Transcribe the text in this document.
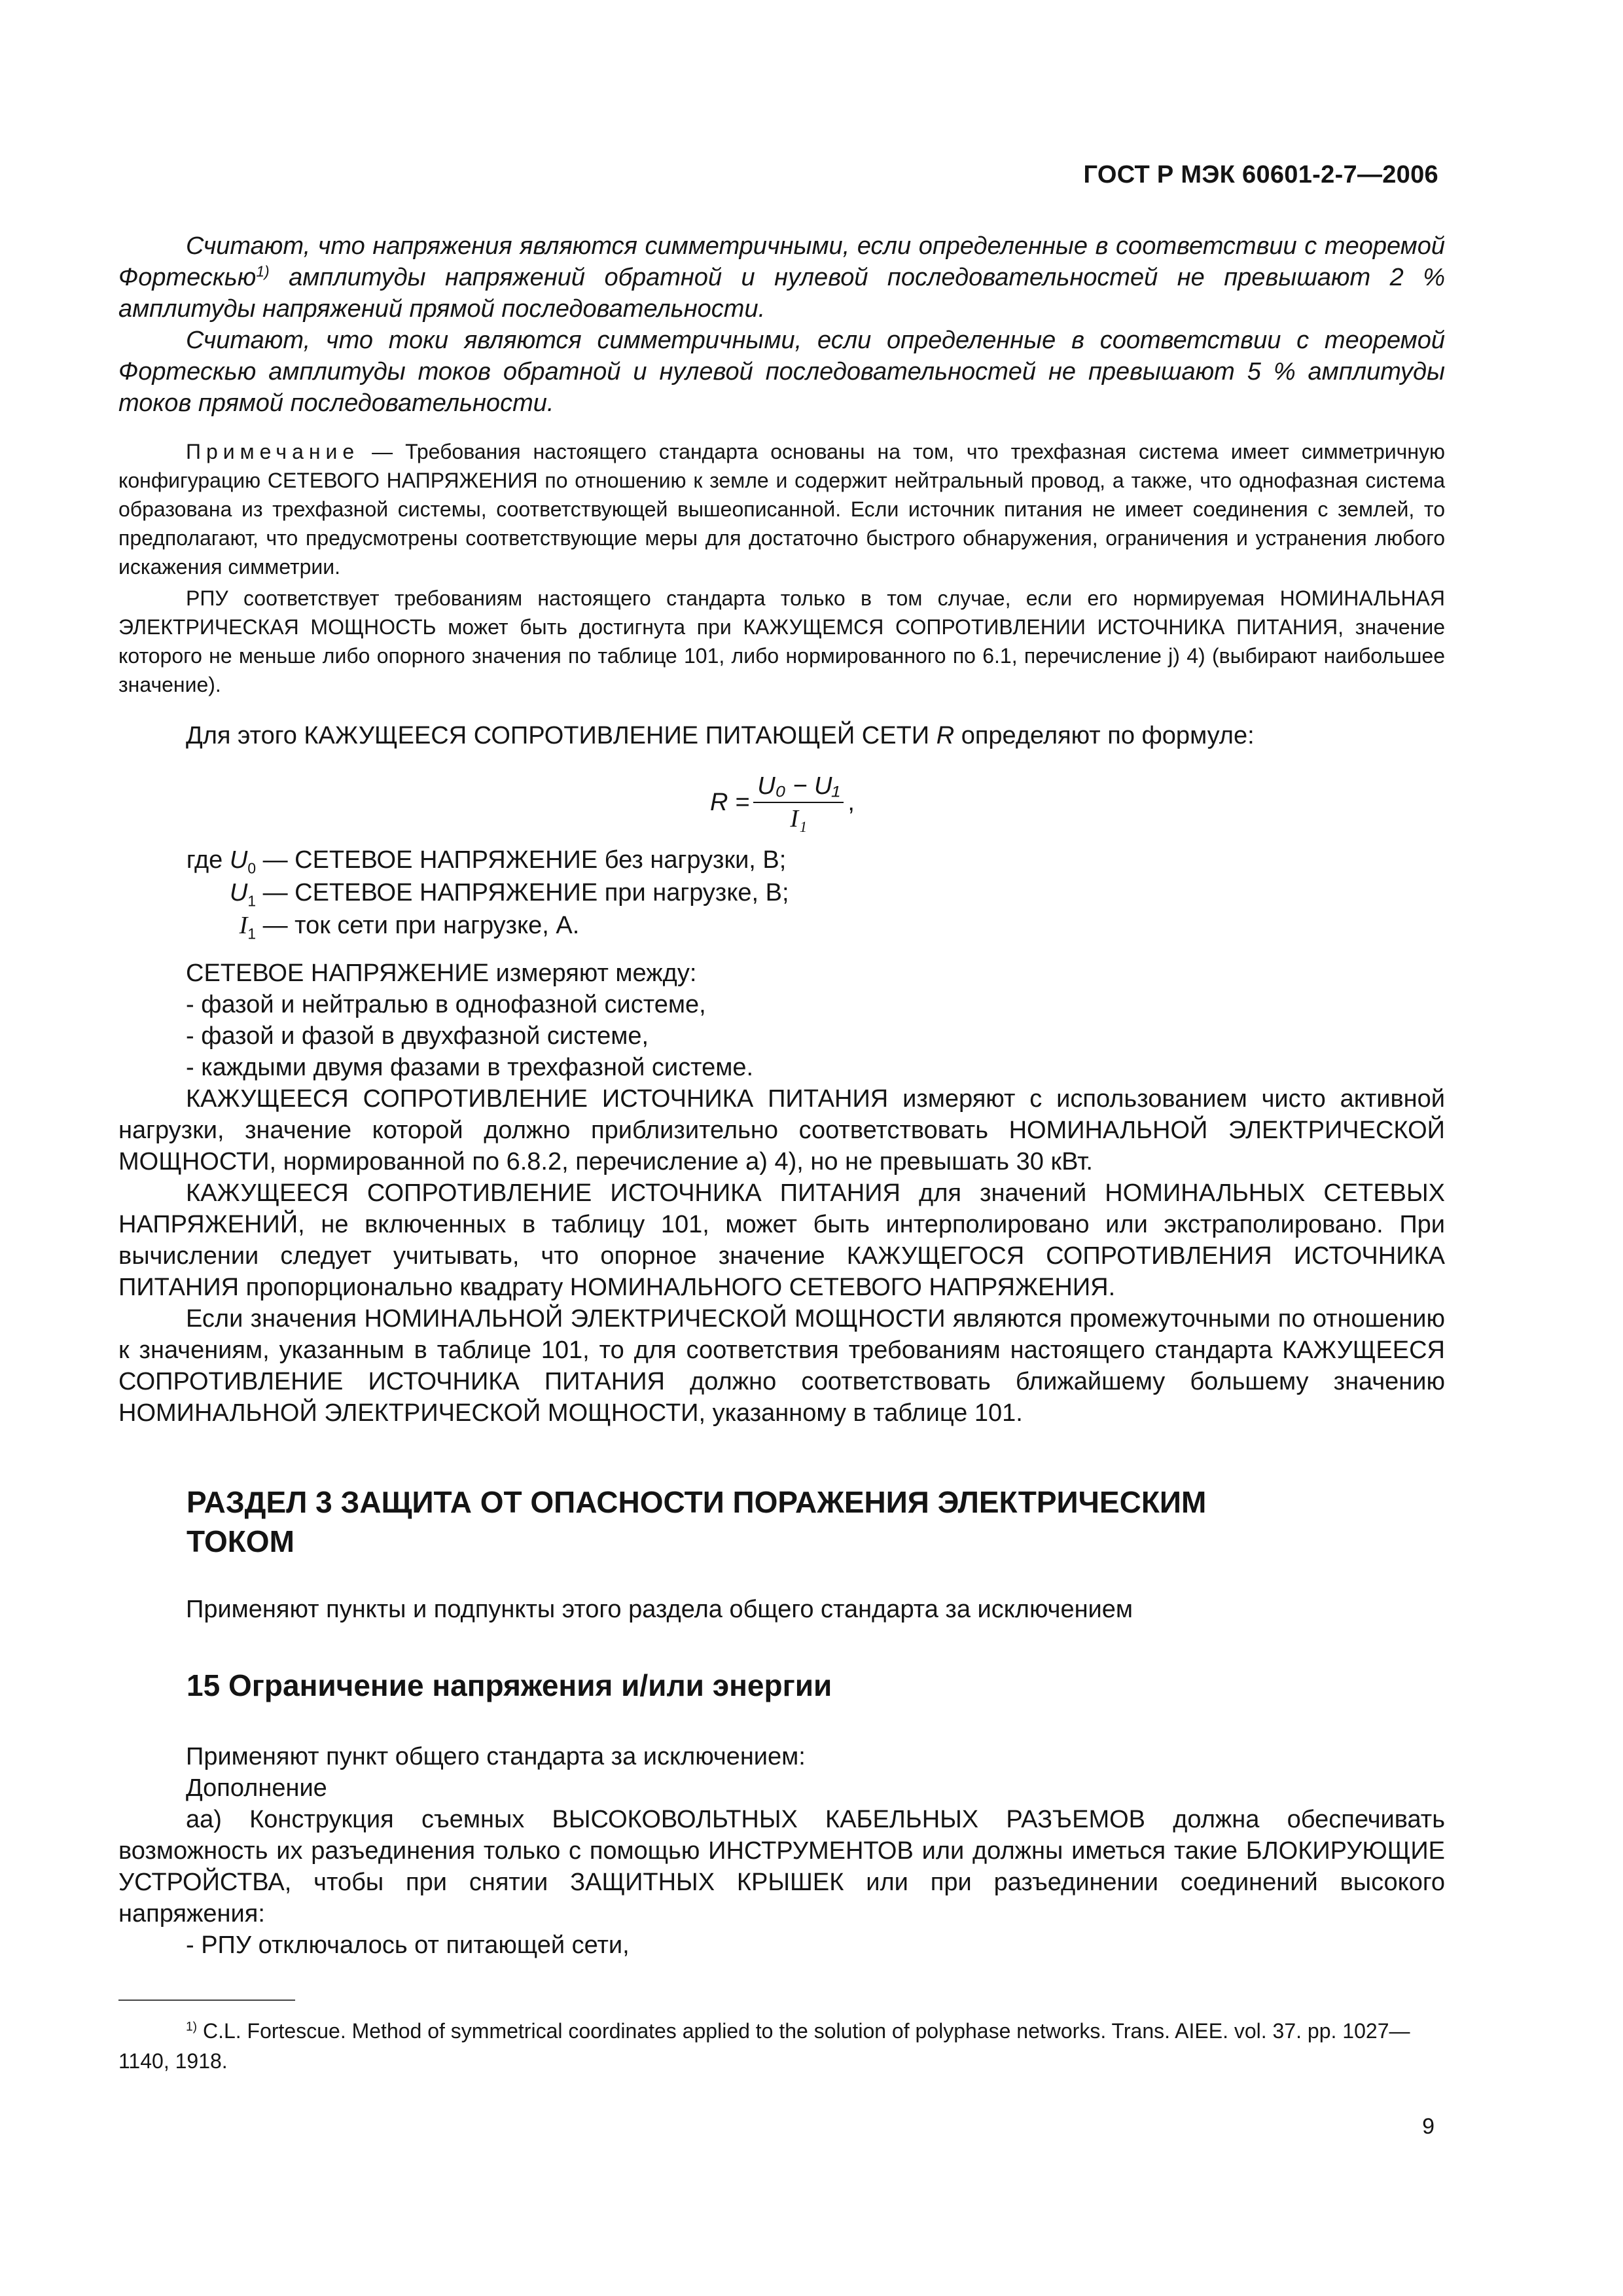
ГОСТ Р МЭК 60601-2-7—2006

Считают, что напряжения являются симметричными, если определенные в соответствии с теоремой Фортескью$^{1)}$ амплитуды напряжений обратной и нулевой последовательностей не превышают 2 % амплитуды напряжений прямой последовательности.

Считают, что токи являются симметричными, если определенные в соответствии с теоремой Фортескью амплитуды токов обратной и нулевой последовательностей не превышают 5 % амплитуды токов прямой последовательности.

Примечание — Требования настоящего стандарта основаны на том, что трехфазная система имеет симметричную конфигурацию СЕТЕВОГО НАПРЯЖЕНИЯ по отношению к земле и содержит нейтральный провод, а также, что однофазная система образована из трехфазной системы, соответствующей вышеописанной. Если источник питания не имеет соединения с землей, то предполагают, что предусмотрены соответствующие меры для достаточно быстрого обнаружения, ограничения и устранения любого искажения симметрии.

РПУ соответствует требованиям настоящего стандарта только в том случае, если его нормируемая НОМИНАЛЬНАЯ ЭЛЕКТРИЧЕСКАЯ МОЩНОСТЬ может быть достигнута при КАЖУЩЕМСЯ СОПРОТИВЛЕНИИ ИСТОЧНИКА ПИТАНИЯ, значение которого не меньше либо опорного значения по таблице 101, либо нормированного по 6.1, перечисление j) 4) (выбирают наибольшее значение).

Для этого КАЖУЩЕЕСЯ СОПРОТИВЛЕНИЕ ПИТАЮЩЕЙ СЕТИ R определяют по формуле:

$R = \frac{\text{U₀ − U₁}}{\text{I₁}}$ ,
где $U_0$ — СЕТЕВОЕ НАПРЯЖЕНИЕ без нагрузки, В;
$U_1$ — СЕТЕВОЕ НАПРЯЖЕНИЕ при нагрузке, В;
$I_1$ — ток сети при нагрузке, А.

СЕТЕВОЕ НАПРЯЖЕНИЕ измеряют между:

- фазой и нейтралью в однофазной системе,

- фазой и фазой в двухфазной системе,

- каждыми двумя фазами в трехфазной системе.

КАЖУЩЕЕСЯ СОПРОТИВЛЕНИЕ ИСТОЧНИКА ПИТАНИЯ измеряют с использованием чисто активной нагрузки, значение которой должно приблизительно соответствовать НОМИНАЛЬНОЙ ЭЛЕКТРИЧЕСКОЙ МОЩНОСТИ, нормированной по 6.8.2, перечисление а) 4), но не превышать 30 кВт.

КАЖУЩЕЕСЯ СОПРОТИВЛЕНИЕ ИСТОЧНИКА ПИТАНИЯ для значений НОМИНАЛЬНЫХ СЕТЕВЫХ НАПРЯЖЕНИЙ, не включенных в таблицу 101, может быть интерполировано или экстраполировано. При вычислении следует учитывать, что опорное значение КАЖУЩЕГОСЯ СОПРОТИВЛЕНИЯ ИСТОЧНИКА ПИТАНИЯ пропорционально квадрату НОМИНАЛЬНОГО СЕТЕВОГО НАПРЯЖЕНИЯ.

Если значения НОМИНАЛЬНОЙ ЭЛЕКТРИЧЕСКОЙ МОЩНОСТИ являются промежуточными по отношению к значениям, указанным в таблице 101, то для соответствия требованиям настоящего стандарта КАЖУЩЕЕСЯ СОПРОТИВЛЕНИЕ ИСТОЧНИКА ПИТАНИЯ должно соответствовать ближайшему большему значению НОМИНАЛЬНОЙ ЭЛЕКТРИЧЕСКОЙ МОЩНОСТИ, указанному в таблице 101.

РАЗДЕЛ 3 ЗАЩИТА ОТ ОПАСНОСТИ ПОРАЖЕНИЯ ЭЛЕКТРИЧЕСКИМ
ТОКОМ

Применяют пункты и подпункты этого раздела общего стандарта за исключением

15 Ограничение напряжения и/или энергии

Применяют пункт общего стандарта за исключением:

Дополнение

аа) Конструкция съемных ВЫСОКОВОЛЬТНЫХ КАБЕЛЬНЫХ РАЗЪЕМОВ должна обеспечивать возможность их разъединения только с помощью ИНСТРУМЕНТОВ или должны иметься такие БЛОКИРУЮЩИЕ УСТРОЙСТВА, чтобы при снятии ЗАЩИТНЫХ КРЫШЕК или при разъединении соединений высокого напряжения:

- РПУ отключалось от питающей сети,

$^{1)}$ C.L. Fortescue. Method of symmetrical coordinates applied to the solution of polyphase networks. Trans. AIEE. vol. 37. pp. 1027—1140, 1918.

9
